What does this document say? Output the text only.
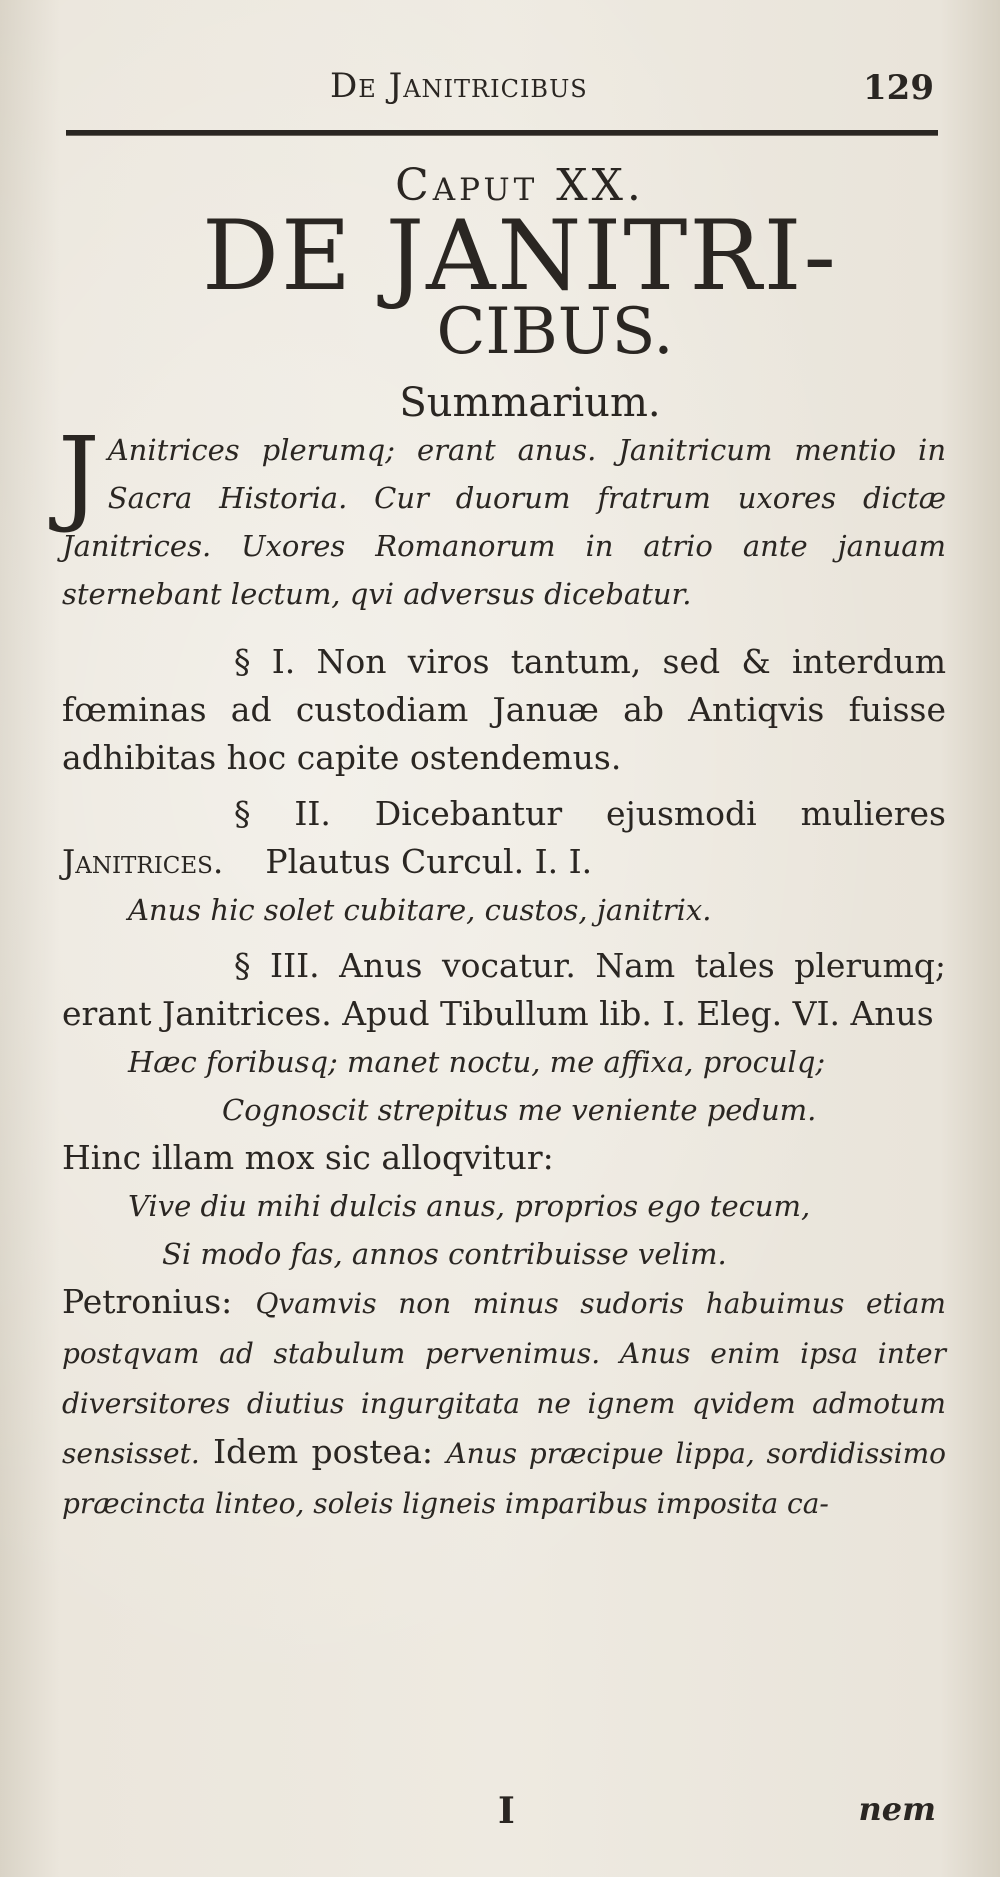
De Janitricibus	129
Caput XX.
DE JANITRI-
CIBUS.
Summarium.

J Anitrices plerumq; erant anus. Janitricum mentio in Sacra Historia. Cur duorum fratrum uxores dictæ Janitrices. Uxores Romanorum in atrio ante januam sternebant lectum, qvi adversus dicebatur.

§ I. Non viros tantum, sed & interdum fœminas ad custodiam Januæ ab Antiqvis fuisse adhibitas hoc capite ostendemus.

§ II. Dicebantur ejusmodi mulieres Janitrices. Plautus Curcul. I. I.

Anus hic solet cubitare, custos, janitrix.

§ III. Anus vocatur. Nam tales plerumq; erant Janitrices. Apud Tibullum lib. I. Eleg. VI. Anus

Hæc foribusq; manet noctu, me affixa, proculq;

Cognoscit strepitus me veniente pedum.

Hinc illam mox sic alloqvitur:

Vive diu mihi dulcis anus, proprios ego tecum,

Si modo fas, annos contribuisse velim.

Petronius: Qvamvis non minus sudoris habuimus etiam postqvam ad stabulum pervenimus. Anus enim ipsa inter diversitores diutius ingurgitata ne ignem qvidem admotum sensisset. Idem postea: Anus præcipue lippa, sordidissimo præcincta linteo, soleis ligneis imparibus imposita ca-

I	nem
